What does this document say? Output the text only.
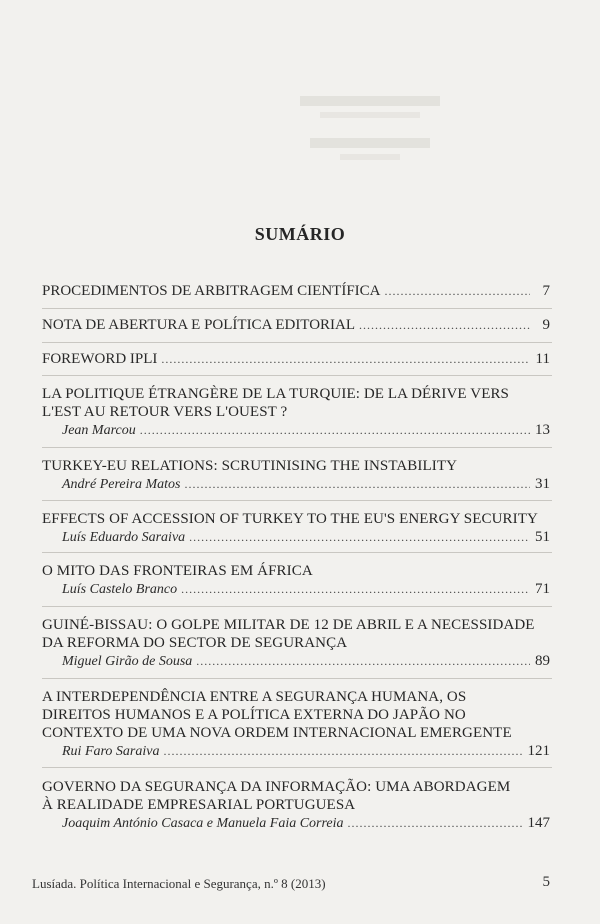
SUMÁRIO
PROCEDIMENTOS DE ARBITRAGEM CIENTÍFICA .....	7
NOTA DE ABERTURA E POLÍTICA EDITORIAL .....	9
FOREWORD IPLI .....	11
LA POLITIQUE ÉTRANGÈRE DE LA TURQUIE: DE LA DÉRIVE VERS
L'EST AU RETOUR VERS L'OUEST ?
Jean Marcou .....	13
TURKEY-EU RELATIONS: SCRUTINISING THE INSTABILITY
André Pereira Matos .....	31
EFFECTS OF ACCESSION OF TURKEY TO THE EU'S ENERGY SECURITY
Luís Eduardo Saraiva .....	51
O MITO DAS FRONTEIRAS EM ÁFRICA
Luís Castelo Branco .....	71
GUINÉ-BISSAU: O GOLPE MILITAR DE 12 DE ABRIL E A NECESSIDADE
DA REFORMA DO SECTOR DE SEGURANÇA
Miguel Girão de Sousa .....	89
A INTERDEPENDÊNCIA ENTRE A SEGURANÇA HUMANA, OS
DIREITOS HUMANOS E A POLÍTICA EXTERNA DO JAPÃO NO
CONTEXTO DE UMA NOVA ORDEM INTERNACIONAL EMERGENTE
Rui Faro Saraiva .....	121
GOVERNO DA SEGURANÇA DA INFORMAÇÃO: UMA ABORDAGEM
À REALIDADE EMPRESARIAL PORTUGUESA
Joaquim António Casaca e Manuela Faia Correia .....	147
Lusíada. Política Internacional e Segurança, n.º 8 (2013)	5
